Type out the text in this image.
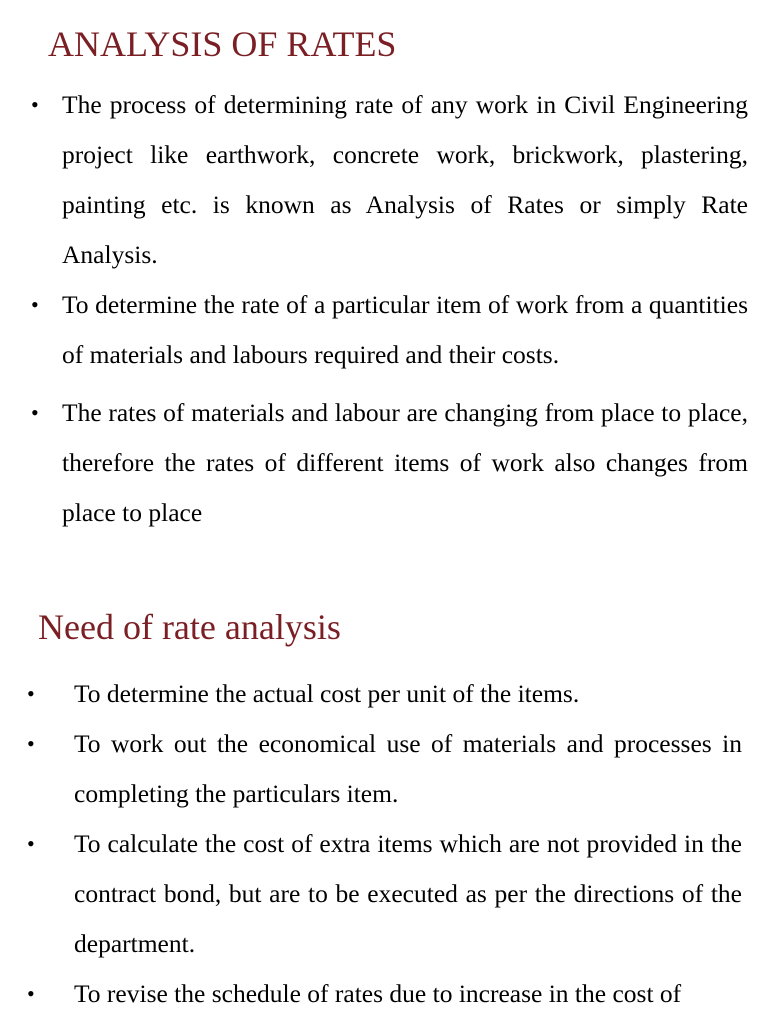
ANALYSIS OF RATES
• The process of determining rate of any work in Civil Engineering project like earthwork, concrete work, brickwork, plastering, painting etc. is known as Analysis of Rates or simply Rate Analysis.
• To determine the rate of a particular item of work from a quantities of materials and labours required and their costs.
• The rates of materials and labour are changing from place to place, therefore the rates of different items of work also changes from place to place
Need of rate analysis
• To determine the actual cost per unit of the items.
• To work out the economical use of materials and processes in completing the particulars item.
• To calculate the cost of extra items which are not provided in the contract bond, but are to be executed as per the directions of the department.
• To revise the schedule of rates due to increase in the cost of
